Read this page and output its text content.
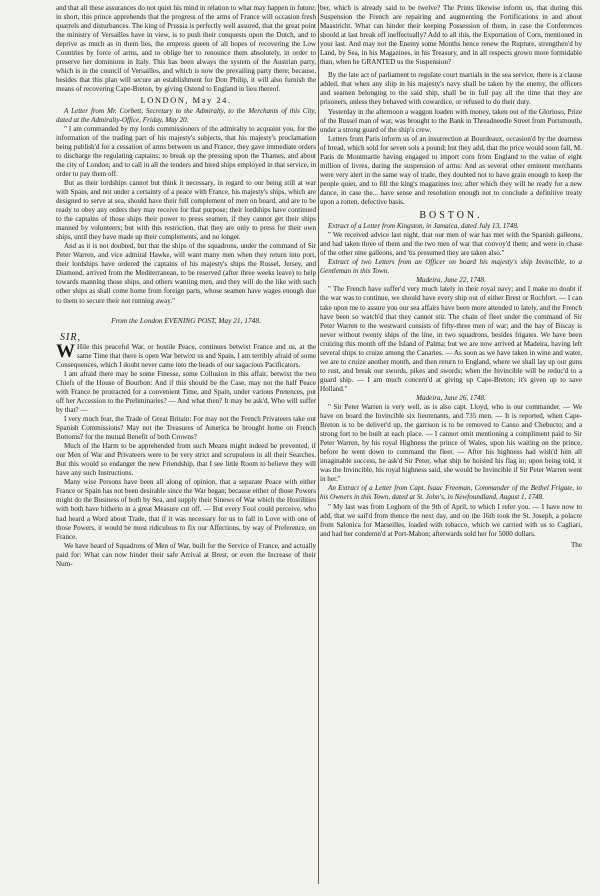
and that all these assurances do not quiet his mind in relation to what may happen in future; in short, this prince apprehends that the progress of the arms of France will occasion fresh quarrels and disturbances. The king of Prussia is perfectly well assured, that the great point the ministry of Versailles have in view, is to push their conquests upon the Dutch, and to deprive as much as in them lies, the empress queen of all hopes of recovering the Low Countries by force of arms, and to oblige her to renounce them absolutely, in order to preserve her dominions in Italy. This has been always the system of the Austrian party, which is in the council of Versailles, and which is now the prevailing party there; because, besides that this plan will secure an establishment for Don Philip, it will also furnish the means of recovering Cape-Breton, by giving Ostend to England in lieu thereof.

LONDON, May 24.

A Letter from Mr. Corbett, Secretary to the Admiralty, to the Merchants of this City, dated at the Admiralty-Office, Friday, May 20.

" I am commanded by my lords commissioners of the admiralty to acquaint you, for the information of the trading part of his majesty's subjects, that his majesty's proclamation being publish'd for a cessation of arms between us and France, they gave immediate orders to discharge the regulating captains; to break up the pressing upon the Thames, and about the city of London; and to call in all the tenders and hired ships employed in that service, in order to pay them off.

But as their lordships cannot but think it necessary, in regard to our being still at war with Spain, and not under a certainty of a peace with France, his majesty's ships, which are designed to serve at sea, should have their full complement of men on board, and are to be ready to obey any orders they may receive for that purpose; their lordships have continued to the captains of those ships their power to press seamen, if they cannot get their ships manned by volunteers; but with this restriction, that they are only to press for their own ships, until they have made up their complements, and no longer.

And as it is not doubted, but that the ships of the squadrons, under the command of Sir Peter Warren, and vice admiral Hawke, will want many men when they return into port, their lordships have ordered the captains of his majesty's ships the Russel, Jersey, and Diamond, arrived from the Mediterranean, to be reserved (after three weeks leave) to help towards manning those ships, and others wanting men, and they will do the like with such other ships as shall come home from foreign parts, whose seamen have wages enough due to them to secure their not running away."

From the London EVENING POST, May 21, 1748.
SIR,

W Hile this peaceful War, or hostile Peace, continues betwixt France and us, at the same Time that there is open War betwixt us and Spain, I am terribly afraid of some Consequences, which I doubt never came into the heads of our sagacious Pacificators.

I am afraid there may be some Finesse, some Collusion in this affair, betwixt the two Chiefs of the House of Bourbon: And if this should be the Case, may not the half Peace with France be protracted for a convenient Time, and Spain, under various Pretences, put off her Accession to the Preliminaries? — And what then? It may be ask'd, Who will suffer by that? —

I very much fear, the Trade of Great Britain: For may not the French Privateers take out Spanish Commissions? May not the Treasures of America be brought home on French Bottoms? for the mutual Benefit of both Crowns?

Much of the Harm to be apprehended from such Means might indeed be prevented, if our Men of War and Privateers were to be very strict and scrupulous in all their Searches. But this would so endanger the new Friendship, that I see little Room to believe they will have any such Instructions.

Many wise Persons have been all along of opinion, that a separate Peace with either France or Spain has not been desirable since the War began; because either of those Powers might do the Business of both by Sea, and supply their Sinews of War which the Hostilities with both have hitherto in a great Measure cut off. — But every Fool could perceive, who had heard a Word about Trade, that if it was necessary for us to fall in Love with one of those Powers, it would be most ridiculous to fix our Affections, by way of Preference, on France.

We have heard of Squadrons of Men of War, built for the Service of France, and actually paid for: What can now hinder their safe Arrival at Brest, or even the Increase of their Num-

ber, which is already said to be twelve? The Prints likewise inform us, that during this Suspension the French are repairing and augmenting the Fortifications in and about Maastricht. What can hinder their keeping Possession of them, in case the Conferences should at last break off ineffectually? Add to all this, the Exportation of Corn, mentioned in your last. And may not the Enemy some Months hence renew the Rupture, strengthen'd by Land, by Sea, in his Magazines, in his Treasury, and in all respects grown more formidable than, when he GRANTED us the Suspension?

By the late act of parliament to regulate court martials in the sea service, there is a clause added, that when any ship in his majesty's navy shall be taken by the enemy, the officers and seamen belonging to the said ship, shall be in full pay all the time that they are prisoners, unless they behaved with cowardice, or refused to do their duty.

Yesterday in the afternoon a waggon loaden with money, taken out of the Glorioso, Prize of the Russel man of war, was brought to the Bank in Threadneedle Street from Portsmouth, under a strong guard of the ship's crew.

Letters from Paris inform us of an insurrection at Bourdeaux, occasion'd by the dearness of bread, which sold for seven sols a pound; but they add, that the price would soon fall, M. Paris de Montmartle having engaged to import corn from England to the value of eight million of livres, during the suspension of arms: And as several other eminent merchants were very alert in the same way of trade, they doubted not to have grain enough to keep the people quiet, and to fill the king's magazines too; after which they will be ready for a new dance, in case the... have sense and resolution enough not to conclude a definitive treaty upon a rotten, defective basis.

BOSTON.

Extract of a Letter from Kingston, in Jamaica, dated July 13, 1748.

" We received advice last night, that our men of war has met with the Spanish galleons, and had taken three of them and the two men of war that convoy'd them; and were in chase of the other nine galleons, and 'tis presumed they are taken also."

Extract of two Letters from an Officer on board his majesty's ship Invincible, to a Gentleman in this Town.

Madeira, June 22, 1748.

" The French have suffer'd very much lately in their royal navy; and I make no doubt if the war was to continue, we should have every ship out of either Brest or Rochfort. — I can take upon me to assure you our sea affairs have been more attended to lately, and the French have been so watch'd that they cannot stir. The chain of fleet under the command of Sir Peter Warren to the westward consists of fifty-three men of war; and the bay of Biscay is never without twenty ships of the line, in two squadrons, besides frigates. We have been cruizing this month off the Island of Palma; but we are now arrived at Madeira, having left several ships to cruize among the Canaries. — As soon as we have taken in wine and water, we are to cruize another month, and then return to England, where we shall lay up our guns to rust, and break our swords, pikes and swords; when the Invincible will be reduc'd to a guard ship. — I am much concern'd at giving up Cape-Breton; it's given up to save Holland."

Madeira, June 26, 1748.

" Sir Peter Warren is very well, as is also capt. Lloyd, who is our commander. — We have on board the Invincible six lieutenants, and 735 men. — It is reported, when Cape-Breton is to be deliver'd up, the garrison is to be removed to Canso and Chebucto; and a strong fort to be built at each place. — I cannot omit mentioning a compliment paid to Sir Peter Warren, by his royal Highness the prince of Wales, upon his waiting on the prince, before he went down to command the fleet. — After his highness had wish'd him all imaginable success, he ask'd Sir Peter, what ship he hoisted his flag in; upon being told, it was the Invincible, his royal highness said, she would be Invincible if Sir Peter Warren went in her."

An Extract of a Letter from Capt. Isaac Freeman, Commander of the Bethel Frigate, to his Owners in this Town, dated at St. John's, in Newfoundland, August 1, 1748.

" My last was from Leghorn of the 9th of April, to which I refer you. — I have now to add, that we sail'd from thence the next day, and on the 16th took the St. Joseph, a polacre from Salonica for Marseilles, loaded with tobacco, which we carried with us to Cagliari, and had her condemn'd at Port-Mahon; afterwards sold her for 5000 dollars.

The
